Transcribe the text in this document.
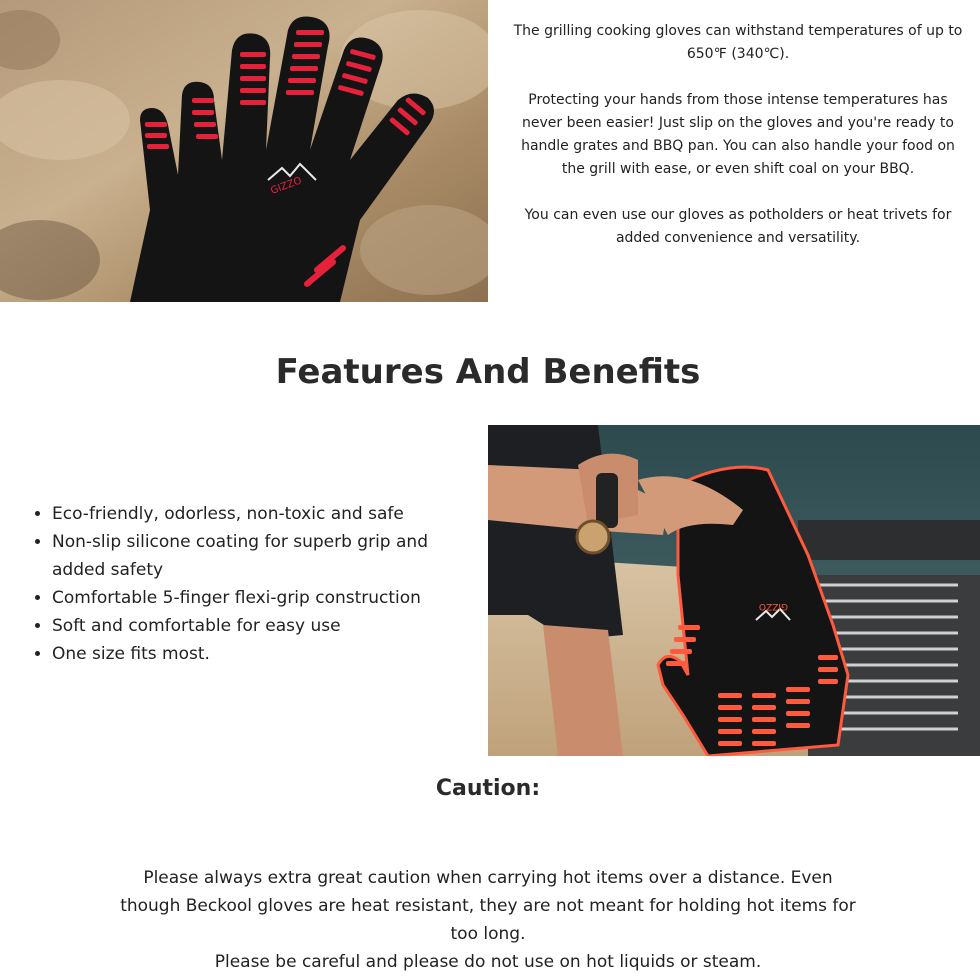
GIZZO

The grilling cooking gloves can withstand temperatures of up to 650℉ (340℃).

Protecting your hands from those intense temperatures has never been easier! Just slip on the gloves and you're ready to handle grates and BBQ pan. You can also handle your food on the grill with ease, or even shift coal on your BBQ.

You can even use our gloves as potholders or heat trivets for added convenience and versatility.

Features And Benefits
• Eco-friendly, odorless, non-toxic and safe
• Non-slip silicone coating for superb grip and added safety
• Comfortable 5-finger flexi-grip construction
• Soft and comfortable for easy use
• One size fits most.
GIZZO
Caution:
Please always extra great caution when carrying hot items over a distance. Even though Beckool gloves are heat resistant, they are not meant for holding hot items for too long.
Please be careful and please do not use on hot liquids or steam.
